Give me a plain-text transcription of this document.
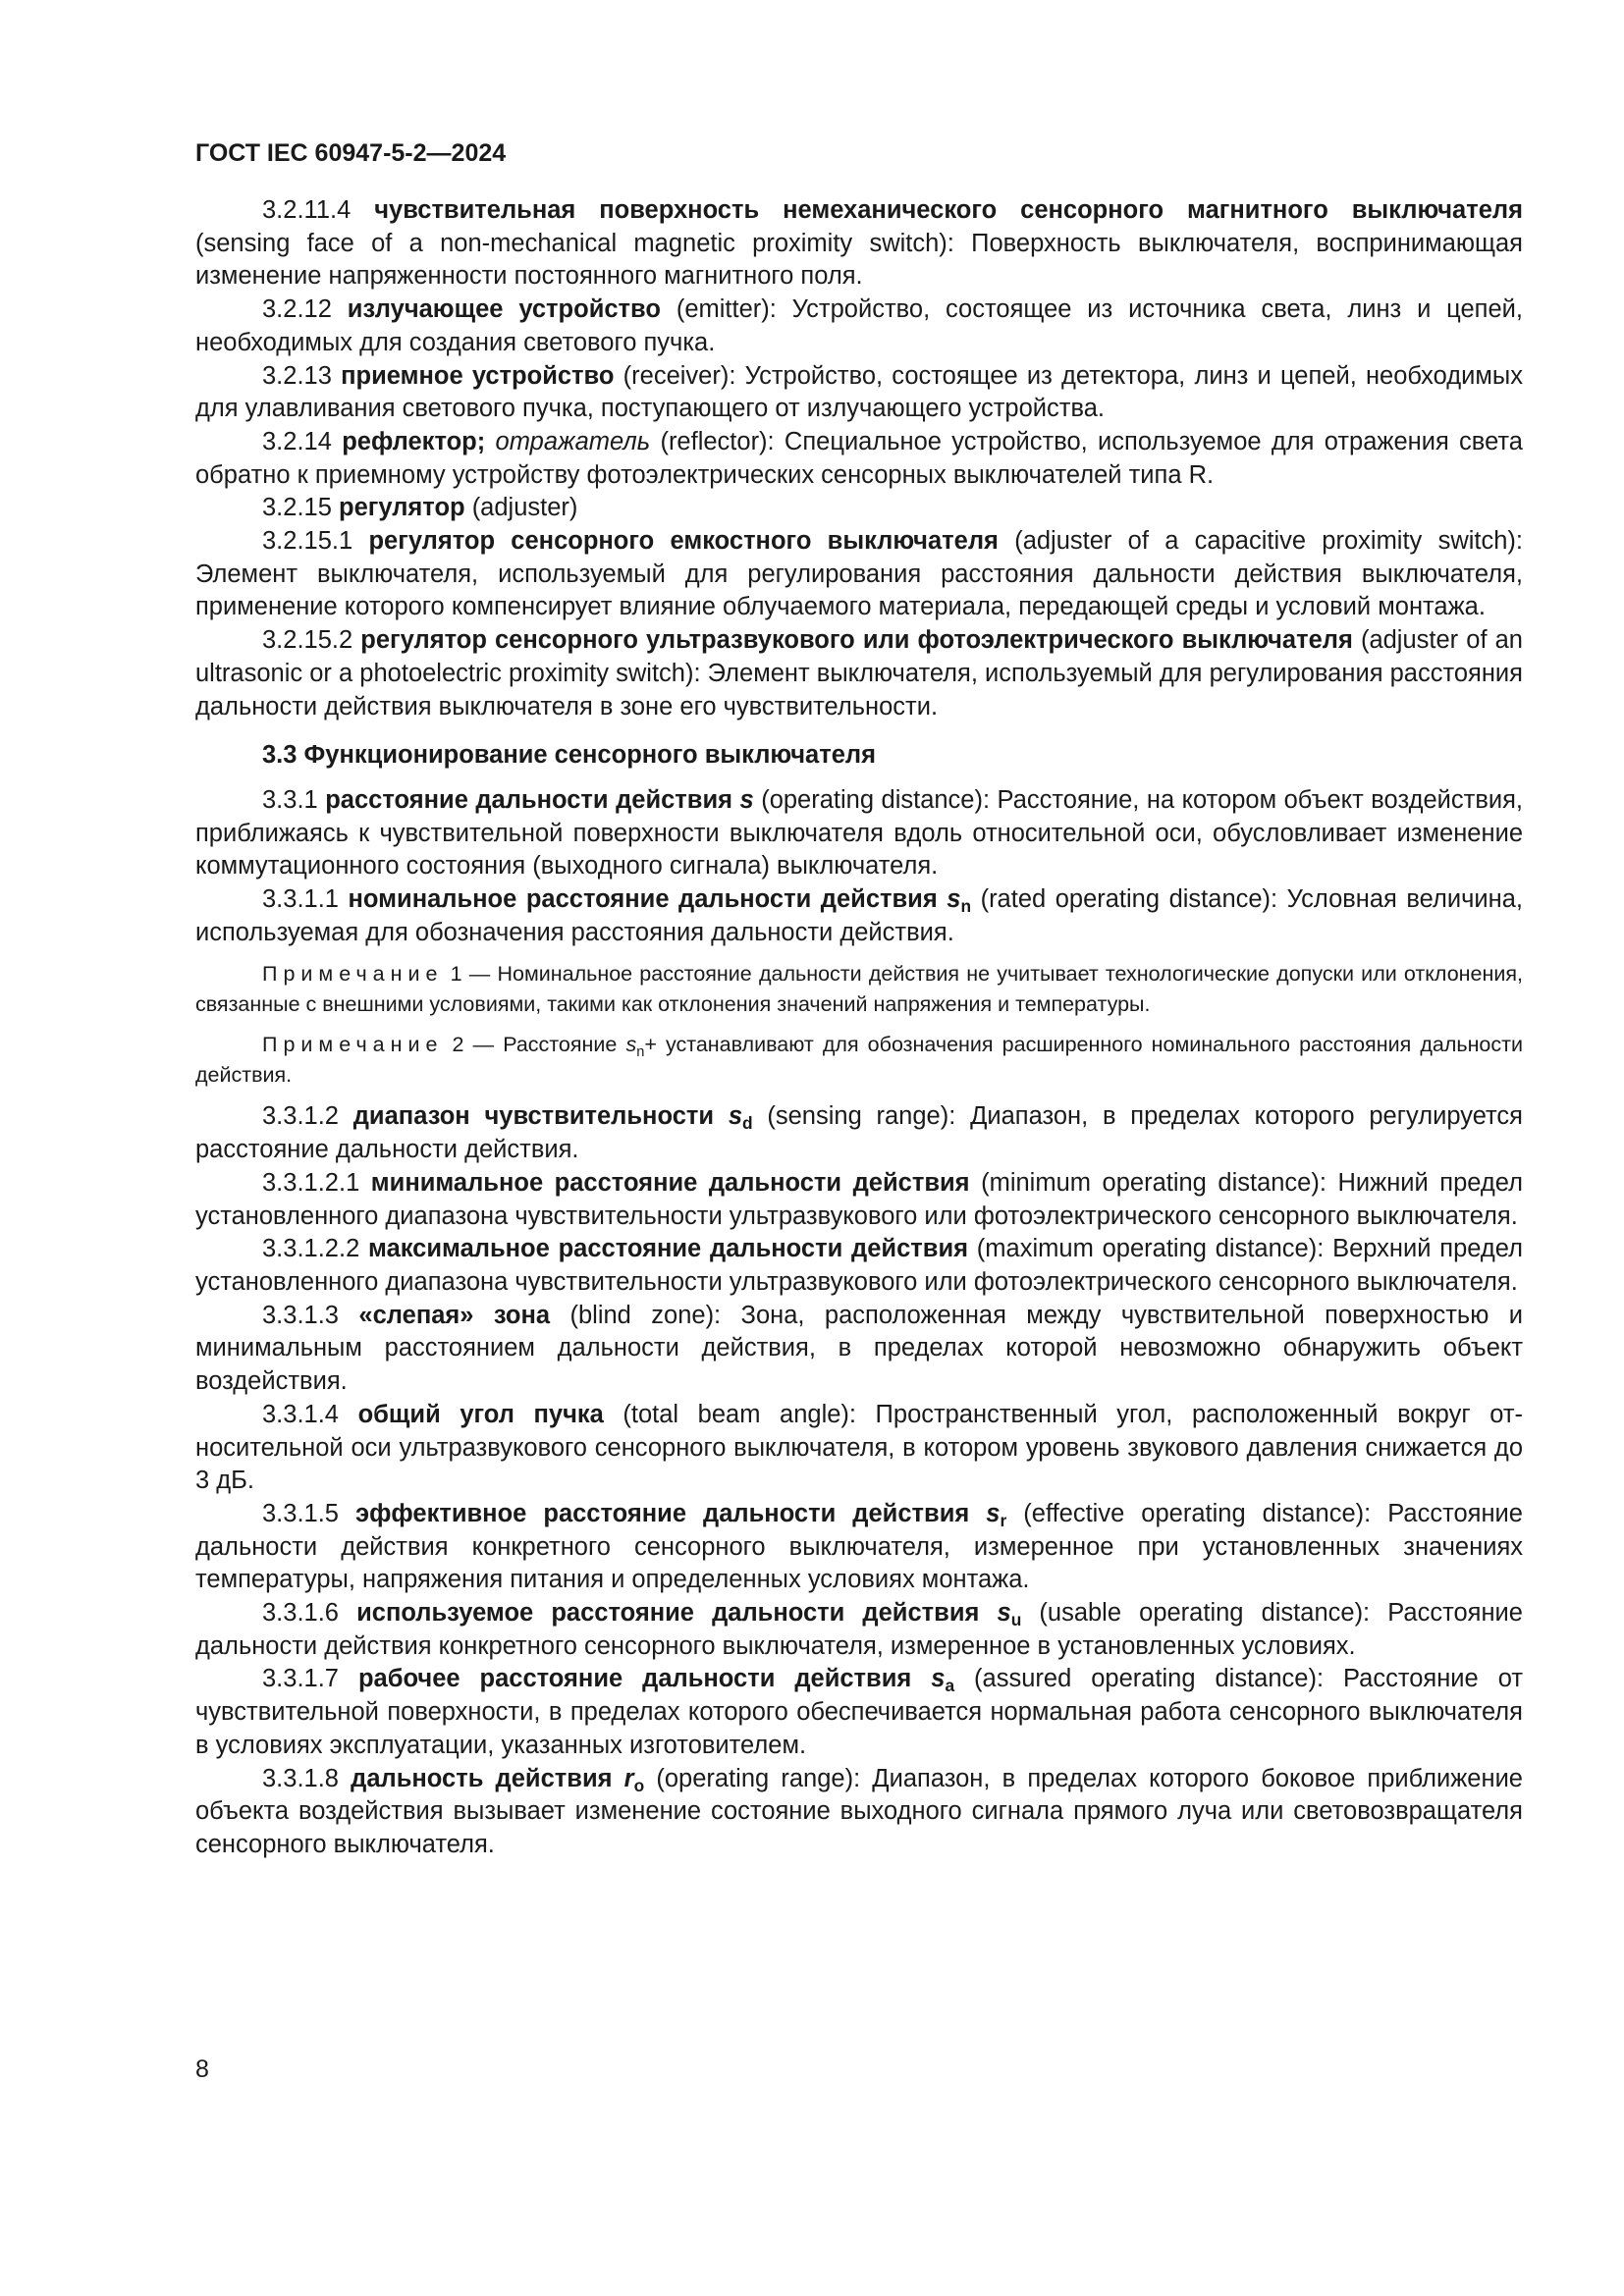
ГОСТ IEC 60947-5-2—2024

3.2.11.4 чувствительная поверхность немеханического сенсорного магнитного выключателя (sensing face of a non-mechanical magnetic proximity switch): Поверхность выключателя, воспринимающая изменение напряженности постоянного магнитного поля.

3.2.12 излучающее устройство (emitter): Устройство, состоящее из источника света, линз и цепей, необходимых для создания светового пучка.

3.2.13 приемное устройство (receiver): Устройство, состоящее из детектора, линз и цепей, необходимых для улавливания светового пучка, поступающего от излучающего устройства.

3.2.14 рефлектор; отражатель (reflector): Специальное устройство, используемое для отражения света обратно к приемному устройству фотоэлектрических сенсорных выключателей типа R.

3.2.15 регулятор (adjuster)

3.2.15.1 регулятор сенсорного емкостного выключателя (adjuster of a capacitive proximity switch): Элемент выключателя, используемый для регулирования расстояния дальности действия выключателя, применение которого компенсирует влияние облучаемого материала, передающей среды и условий монтажа.

3.2.15.2 регулятор сенсорного ультразвукового или фотоэлектрического выключателя (adjuster of an ultrasonic or a photoelectric proximity switch): Элемент выключателя, используемый для регулирования расстояния дальности действия выключателя в зоне его чувствительности.

3.3 Функционирование сенсорного выключателя

3.3.1 расстояние дальности действия s (operating distance): Расстояние, на котором объект воздействия, приближаясь к чувствительной поверхности выключателя вдоль относительной оси, обусловливает изменение коммутационного состояния (выходного сигнала) выключателя.

3.3.1.1 номинальное расстояние дальности действия $s_n$ (rated operating distance): Условная величина, используемая для обозначения расстояния дальности действия.

Примечание 1 — Номинальное расстояние дальности действия не учитывает технологические допуски или отклонения, связанные с внешними условиями, такими как отклонения значений напряжения и температуры.

Примечание 2 — Расстояние $s_n+$ устанавливают для обозначения расширенного номинального расстояния дальности действия.

3.3.1.2 диапазон чувствительности $s_d$ (sensing range): Диапазон, в пределах которого регулируется расстояние дальности действия.

3.3.1.2.1 минимальное расстояние дальности действия (minimum operating distance): Нижний предел установленного диапазона чувствительности ультразвукового или фотоэлектрического сенсорного выключателя.

3.3.1.2.2 максимальное расстояние дальности действия (maximum operating distance): Верхний предел установленного диапазона чувствительности ультразвукового или фотоэлектрического сенсорного выключателя.

3.3.1.3 «слепая» зона (blind zone): Зона, расположенная между чувствительной поверхностью и минимальным расстоянием дальности действия, в пределах которой невозможно обнаружить объект воздействия.

3.3.1.4 общий угол пучка (total beam angle): Пространственный угол, расположенный вокруг относительной оси ультразвукового сенсорного выключателя, в котором уровень звукового давления снижается до 3 дБ.

3.3.1.5 эффективное расстояние дальности действия $s_r$ (effective operating distance): Расстояние дальности действия конкретного сенсорного выключателя, измеренное при установленных значениях температуры, напряжения питания и определенных условиях монтажа.

3.3.1.6 используемое расстояние дальности действия $s_u$ (usable operating distance): Расстояние дальности действия конкретного сенсорного выключателя, измеренное в установленных условиях.

3.3.1.7 рабочее расстояние дальности действия $s_a$ (assured operating distance): Расстояние от чувствительной поверхности, в пределах которого обеспечивается нормальная работа сенсорного выключателя в условиях эксплуатации, указанных изготовителем.

3.3.1.8 дальность действия $r_o$ (operating range): Диапазон, в пределах которого боковое приближение объекта воздействия вызывает изменение состояние выходного сигнала прямого луча или световозвращателя сенсорного выключателя.

8
